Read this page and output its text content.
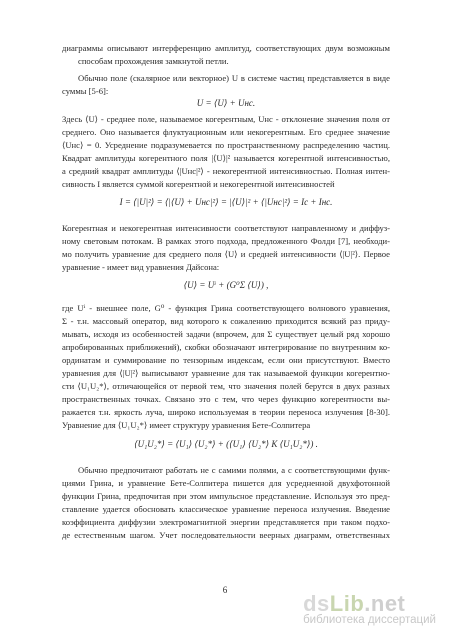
диаграммы описывают интерференцию амплитуд, соответствующих двум возможным
способам прохождения замкнутой петли.
Обычно поле (скалярное или векторное) U в системе частиц представляется в виде
суммы [5-6]:
Здесь ⟨U⟩ - среднее поле, называемое когерентным, Uнс - отклонение значения поля от
среднего. Оно называется флуктуационным или некогерентным. Его среднее значение
⟨Uнс⟩ = 0. Усреднение подразумевается по пространственному распределению частиц.
Квадрат амплитуды когерентного поля |⟨U⟩|² называется когерентной интенсивностью,
а средний квадрат амплитуды ⟨|Uнс|²⟩ - некогерентной интенсивностью. Полная интен-
сивность I является суммой когерентной и некогерентной интенсивностей
Когерентная и некогерентная интенсивности соответствуют направленному и диффуз-
ному световым потокам. В рамках этого подхода, предложенного Фолди [7], необходи-
мо получить уравнение для среднего поля ⟨U⟩ и средней интенсивности ⟨|U|²⟩. Первое
уравнение - имеет вид уравнения Дайсона:
где Uⁱ - внешнее поле, G⁰ - функция Грина соответствующего волнового уравнения,
Σ - т.н. массовый оператор, вид которого к сожалению приходится всякий раз приду-
мывать, исходя из особенностей задачи (впрочем, для Σ существует целый ряд хорошо
апробированных приближений), скобки обозначают интегрирование по внутренним ко-
ординатам и суммирование по тензорным индексам, если они присутствуют. Вместо
уравнения для ⟨|U|²⟩ выписывают уравнение для так называемой функции когерентно-
сти ⟨U₁U₂*⟩, отличающейся от первой тем, что значения полей берутся в двух разных
пространственных точках. Связано это с тем, что через функцию когерентности вы-
ражается т.н. яркость луча, широко используемая в теории переноса излучения [8-30].
Уравнение для ⟨U₁U₂*⟩ имеет структуру уравнения Бете-Солпитера
Обычно предпочитают работать не с самими полями, а с соответствующими функ-
циями Грина, и уравнение Бете-Солпитера пишется для усредненной двухфотонной
функции Грина, предпочитая при этом импульсное представление. Используя это пред-
ставление удается обосновать классическое уравнение переноса излучения. Введение
коэффициента диффузии электромагнитной энергии представляется при таком подхо-
де естественным шагом. Учет последовательности веерных диаграмм, ответственных
U = ⟨U⟩ + Uнс.
I = ⟨|U|²⟩ = ⟨|⟨U⟩ + Uнс|²⟩ = |⟨U⟩|² + ⟨|Uнс|²⟩ = Iс + Iнс.
⟨U⟩ = Uⁱ + (G⁰Σ ⟨U⟩) ,
⟨U₁U₂*⟩ = ⟨U₁⟩ ⟨U₂*⟩ + (⟨U₁⟩ ⟨U₂*⟩ K ⟨U₁U₂*⟩) .
6
dsLib.net
библиотека диссертаций
